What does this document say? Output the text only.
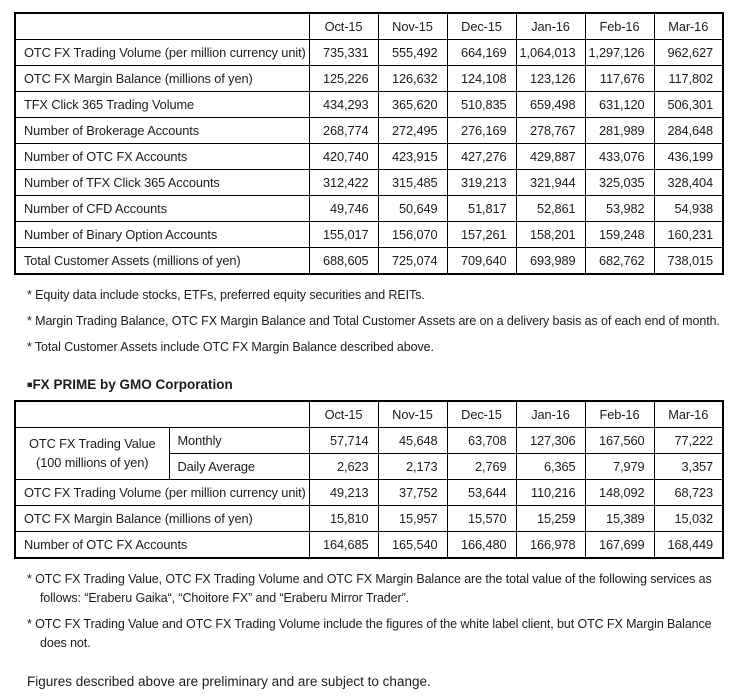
	Oct-15	Nov-15	Dec-15	Jan-16	Feb-16	Mar-16
OTC FX Trading Volume (per million currency unit)	735,331	555,492	664,169	1,064,013	1,297,126	962,627
OTC FX Margin Balance (millions of yen)	125,226	126,632	124,108	123,126	117,676	117,802
TFX Click 365 Trading Volume	434,293	365,620	510,835	659,498	631,120	506,301
Number of Brokerage Accounts	268,774	272,495	276,169	278,767	281,989	284,648
Number of OTC FX Accounts	420,740	423,915	427,276	429,887	433,076	436,199
Number of TFX Click 365 Accounts	312,422	315,485	319,213	321,944	325,035	328,404
Number of CFD Accounts	49,746	50,649	51,817	52,861	53,982	54,938
Number of Binary Option Accounts	155,017	156,070	157,261	158,201	159,248	160,231
Total Customer Assets (millions of yen)	688,605	725,074	709,640	693,989	682,762	738,015
* Equity data include stocks, ETFs, preferred equity securities and REITs.
* Margin Trading Balance, OTC FX Margin Balance and Total Customer Assets are on a delivery basis as of each end of month.
* Total Customer Assets include OTC FX Margin Balance described above.
■FX PRIME by GMO Corporation
		Oct-15	Nov-15	Dec-15	Jan-16	Feb-16	Mar-16

OTC FX Trading Value
(100 millions of yen)	Monthly	57,714	45,648	63,708	127,306	167,560	77,222
	Daily Average	2,623	2,173	2,769	6,365	7,979	3,357
OTC FX Trading Volume (per million currency unit)		49,213	37,752	53,644	110,216	148,092	68,723
OTC FX Margin Balance (millions of yen)		15,810	15,957	15,570	15,259	15,389	15,032
Number of OTC FX Accounts		164,685	165,540	166,480	166,978	167,699	168,449
* OTC FX Trading Value, OTC FX Trading Volume and OTC FX Margin Balance are the total value of the following services as follows: “Eraberu Gaika“, “Choitore FX” and “Eraberu Mirror Trader”.
* OTC FX Trading Value and OTC FX Trading Volume include the figures of the white label client, but OTC FX Margin Balance does not.

Figures described above are preliminary and are subject to change.
